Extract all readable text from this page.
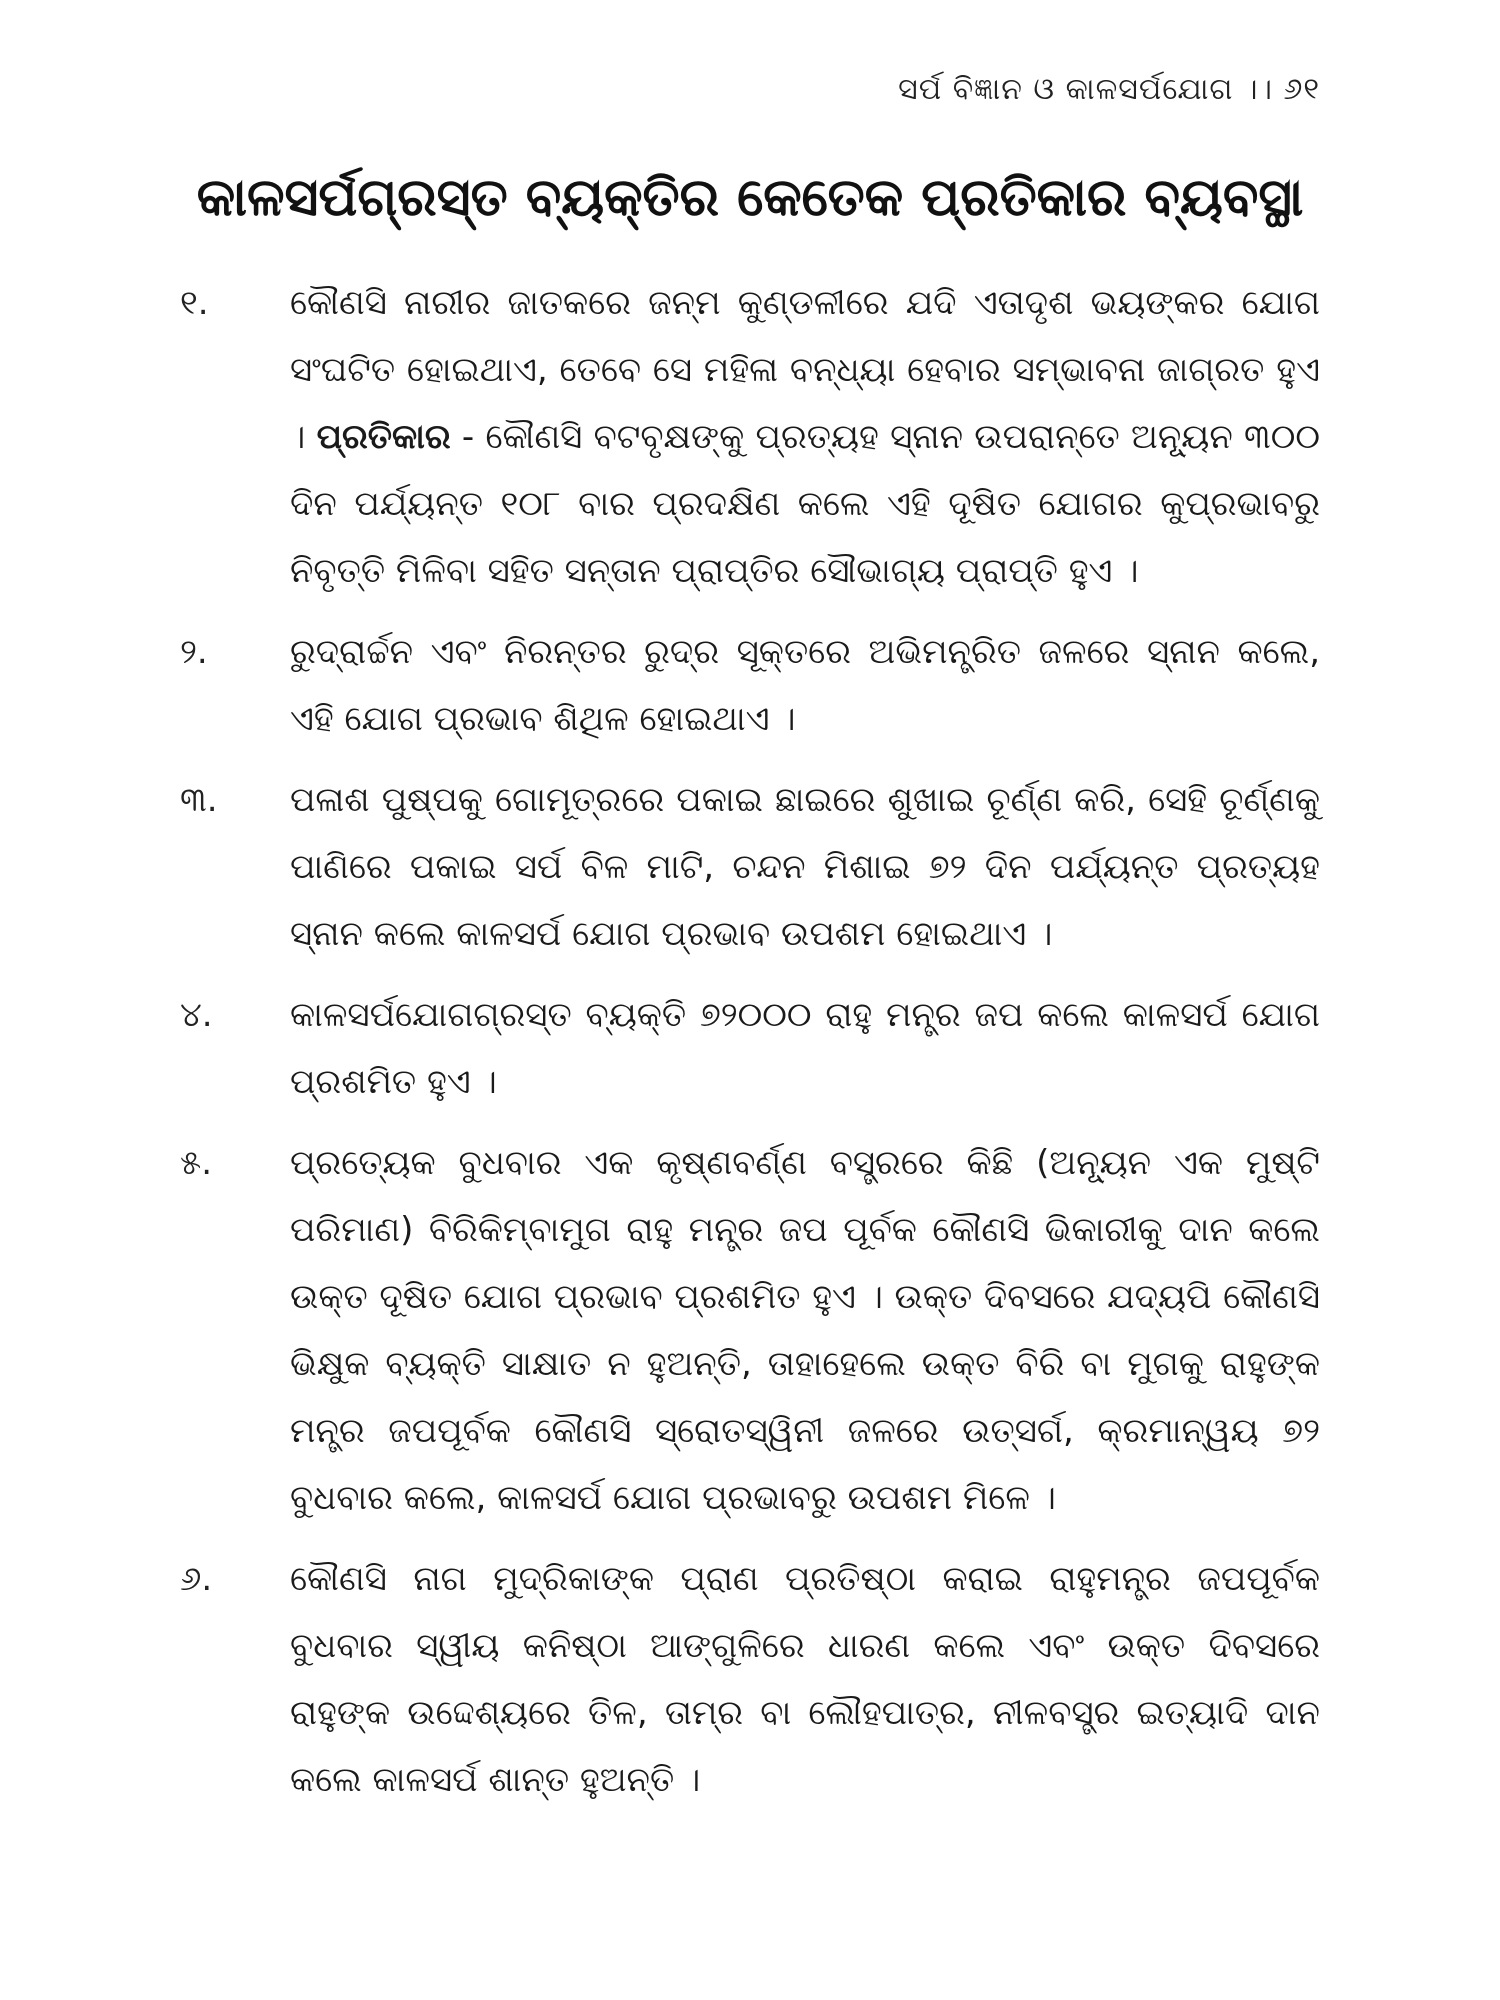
ସର୍ପ ବିଜ୍ଞାନ ଓ କାଳସର୍ପଯୋଗ ।। ୬୧
କାଳସର୍ପଗ୍ରସ୍ତ ବ୍ୟକ୍ତିର କେତେକ ପ୍ରତିକାର ବ୍ୟବସ୍ଥା
୧.	କୌଣସି ନାରୀର ଜାତକରେ ଜନ୍ମ କୁଣ୍ଡଳୀରେ ଯଦି ଏତାଦୃଶ ଭୟଙ୍କର ଯୋଗ ସଂଘଟିତ ହୋଇଥାଏ, ତେବେ ସେ ମହିଳା ବନ୍ଧ୍ୟା ହେବାର ସମ୍ଭାବନା ଜାଗ୍ରତ ହୁଏ । ପ୍ରତିକାର - କୌଣସି ବଟବୃକ୍ଷଙ୍କୁ ପ୍ରତ୍ୟହ ସ୍ନାନ ଉପରାନ୍ତେ ଅନ୍ୟୂନ ୩୦୦ ଦିନ ପର୍ଯ୍ୟନ୍ତ ୧୦୮ ବାର ପ୍ରଦକ୍ଷିଣ କଲେ ଏହି ଦୂଷିତ ଯୋଗର କୁପ୍ରଭାବରୁ ନିବୃତ୍ତି ମିଳିବା ସହିତ ସନ୍ତାନ ପ୍ରାପ୍ତିର ସୌଭାଗ୍ୟ ପ୍ରାପ୍ତି ହୁଏ ।
୨.	ରୁଦ୍ରାର୍ଚ୍ଚନ ଏବଂ ନିରନ୍ତର ରୁଦ୍ର ସୂକ୍ତରେ ଅଭିମନ୍ତ୍ରିତ ଜଳରେ ସ୍ନାନ କଲେ, ଏହି ଯୋଗ ପ୍ରଭାବ ଶିଥିଳ ହୋଇଥାଏ ।
୩.	ପଳାଶ ପୁଷ୍ପକୁ ଗୋମୂତ୍ରରେ ପକାଇ ଛାଇରେ ଶୁଖାଇ ଚୂର୍ଣ୍ଣ କରି, ସେହି ଚୂର୍ଣ୍ଣକୁ ପାଣିରେ ପକାଇ ସର୍ପ ବିଳ ମାଟି, ଚନ୍ଦନ ମିଶାଇ ୭୨ ଦିନ ପର୍ଯ୍ୟନ୍ତ ପ୍ରତ୍ୟହ ସ୍ନାନ କଲେ କାଳସର୍ପ ଯୋଗ ପ୍ରଭାବ ଉପଶମ ହୋଇଥାଏ ।
୪.	କାଳସର୍ପଯୋଗଗ୍ରସ୍ତ ବ୍ୟକ୍ତି ୭୨୦୦୦ ରାହୁ ମନ୍ତ୍ର ଜପ କଲେ କାଳସର୍ପ ଯୋଗ ପ୍ରଶମିତ ହୁଏ ।
୫.	ପ୍ରତ୍ୟେକ ବୁଧବାର ଏକ କୃଷ୍ଣବର୍ଣ୍ଣ ବସ୍ତ୍ରରେ କିଛି (ଅନ୍ୟୂନ ଏକ ମୁଷ୍ଟି ପରିମାଣ) ବିରିକିମ୍ବାମୁଗ ରାହୁ ମନ୍ତ୍ର ଜପ ପୂର୍ବକ କୌଣସି ଭିକାରୀକୁ ଦାନ କଲେ ଉକ୍ତ ଦୂଷିତ ଯୋଗ ପ୍ରଭାବ ପ୍ରଶମିତ ହୁଏ । ଉକ୍ତ ଦିବସରେ ଯଦ୍ୟପି କୌଣସି ଭିକ୍ଷୁକ ବ୍ୟକ୍ତି ସାକ୍ଷାତ ନ ହୁଅନ୍ତି, ତାହାହେଲେ ଉକ୍ତ ବିରି ବା ମୁଗକୁ ରାହୁଙ୍କ ମନ୍ତ୍ର ଜପପୂର୍ବକ କୌଣସି ସ୍ରୋତସ୍ୱିନୀ ଜଳରେ ଉତ୍ସର୍ଗ, କ୍ରମାନ୍ୱୟ ୭୨ ବୁଧବାର କଲେ, କାଳସର୍ପ ଯୋଗ ପ୍ରଭାବରୁ ଉପଶମ ମିଳେ ।
୬.	କୌଣସି ନାଗ ମୁଦ୍ରିକାଙ୍କ ପ୍ରାଣ ପ୍ରତିଷ୍ଠା କରାଇ ରାହୁମନ୍ତ୍ର ଜପପୂର୍ବକ ବୁଧବାର ସ୍ୱୀୟ କନିଷ୍ଠା ଆଙ୍ଗୁଳିରେ ଧାରଣ କଲେ ଏବଂ ଉକ୍ତ ଦିବସରେ ରାହୁଙ୍କ ଉଦ୍ଦେଶ୍ୟରେ ତିଳ, ତାମ୍ର ବା ଲୌହପାତ୍ର, ନୀଳବସ୍ତ୍ର ଇତ୍ୟାଦି ଦାନ କଲେ କାଳସର୍ପ ଶାନ୍ତ ହୁଅନ୍ତି ।
